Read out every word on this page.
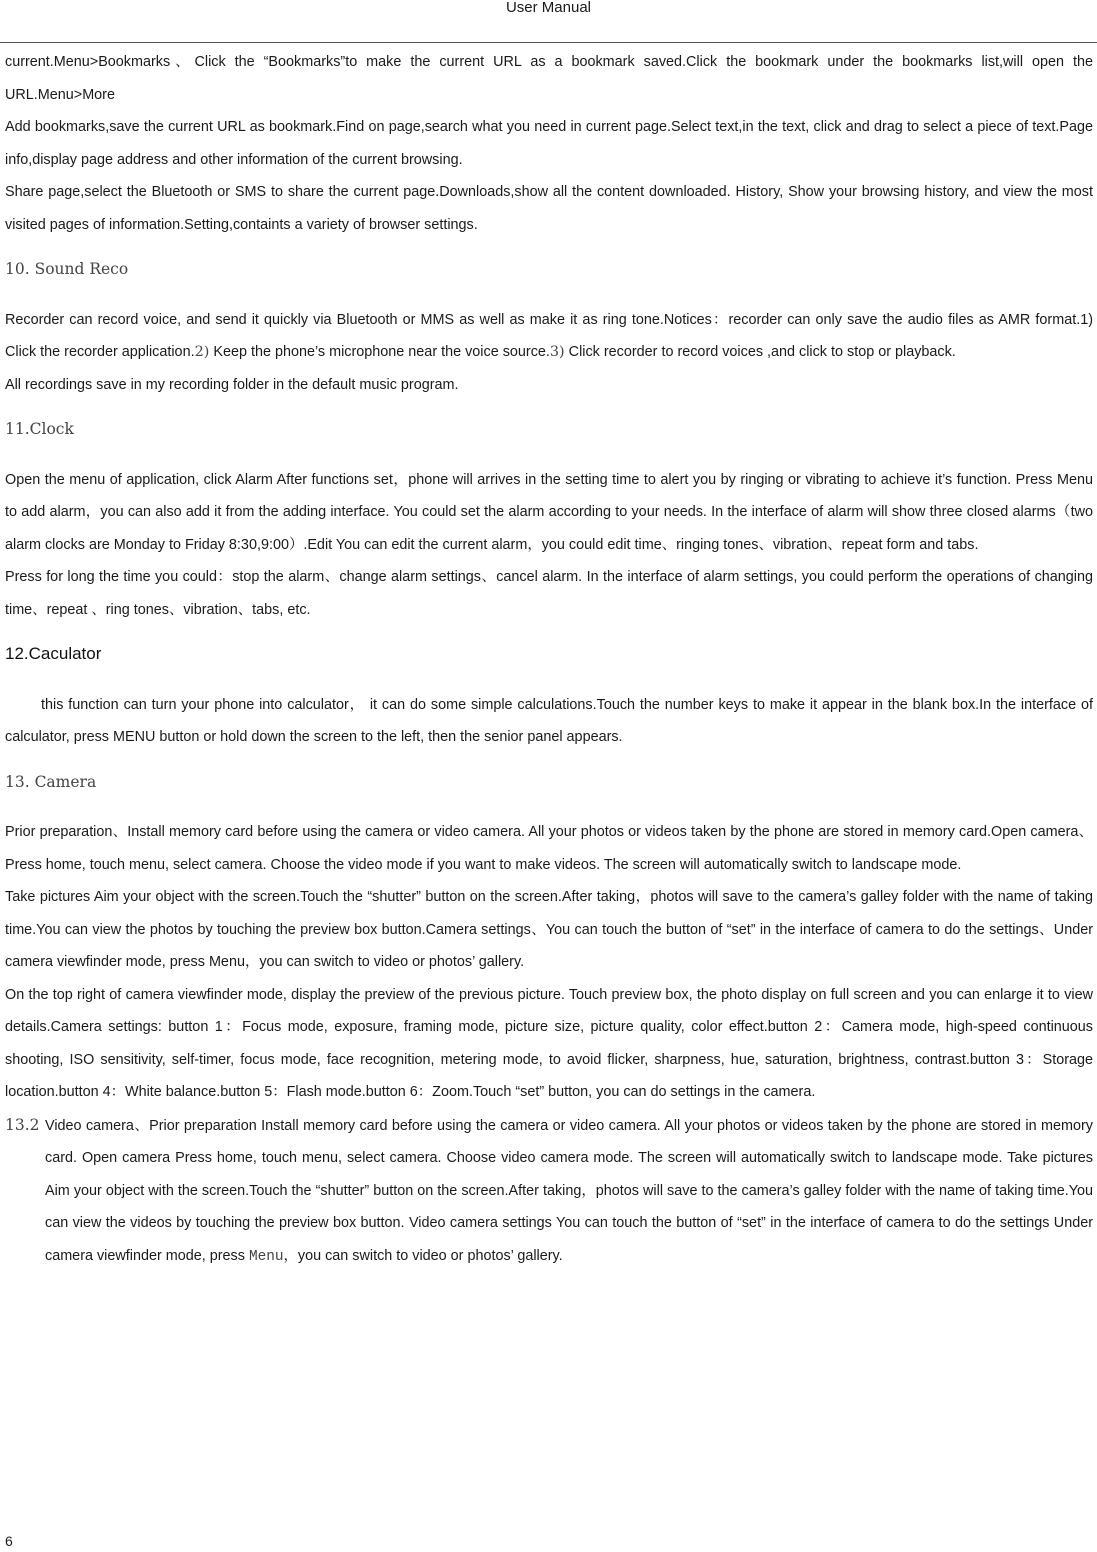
User Manual

current.Menu>Bookmarks、Click the “Bookmarks”to make the current URL as a bookmark saved.Click the bookmark under the bookmarks list,will open the URL.Menu>More

Add bookmarks,save the current URL as bookmark.Find on page,search what you need in current page.Select text,in the text, click and drag to select a piece of text.Page info,display page address and other information of the current browsing.

Share page,select the Bluetooth or SMS to share the current page.Downloads,show all the content downloaded. History, Show your browsing history, and view the most visited pages of information.Setting,containts a variety of browser settings.

10. Sound Reco

Recorder can record voice, and send it quickly via Bluetooth or MMS as well as make it as ring tone.Notices：recorder can only save the audio files as AMR format.1) Click the recorder application.2) Keep the phone’s microphone near the voice source.3) Click recorder to record voices ,and click to stop or playback.

All recordings save in my recording folder in the default music program.

11.Clock

Open the menu of application, click Alarm After functions set，phone will arrives in the setting time to alert you by ringing or vibrating to achieve it’s function. Press Menu to add alarm，you can also add it from the adding interface. You could set the alarm according to your needs. In the interface of alarm will show three closed alarms（two alarm clocks are Monday to Friday 8:30,9:00）.Edit You can edit the current alarm，you could edit time、ringing tones、vibration、repeat form and tabs.

Press for long the time you could：stop the alarm、change alarm settings、cancel alarm. In the interface of alarm settings, you could perform the operations of changing time、repeat 、ring tones、vibration、tabs, etc.

12.Caculator

this function can turn your phone into calculator， it can do some simple calculations.Touch the number keys to make it appear in the blank box.In the interface of calculator, press MENU button or hold down the screen to the left, then the senior panel appears.

13. Camera

Prior preparation、Install memory card before using the camera or video camera. All your photos or videos taken by the phone are stored in memory card.Open camera、Press home, touch menu, select camera. Choose the video mode if you want to make videos. The screen will automatically switch to landscape mode.

Take pictures Aim your object with the screen.Touch the “shutter” button on the screen.After taking，photos will save to the camera’s galley folder with the name of taking time.You can view the photos by touching the preview box button.Camera settings、You can touch the button of “set” in the interface of camera to do the settings、Under camera viewfinder mode, press Menu，you can switch to video or photos’ gallery.

On the top right of camera viewfinder mode, display the preview of the previous picture. Touch preview box, the photo display on full screen and you can enlarge it to view details.Camera settings: button 1：Focus mode, exposure, framing mode, picture size, picture quality, color effect.button 2：Camera mode, high-speed continuous shooting, ISO sensitivity, self-timer, focus mode, face recognition, metering mode, to avoid flicker, sharpness, hue, saturation, brightness, contrast.button 3：Storage location.button 4：White balance.button 5：Flash mode.button 6：Zoom.Touch “set” button, you can do settings in the camera.

13.2 Video camera、Prior preparation Install memory card before using the camera or video camera. All your photos or videos taken by the phone are stored in memory card. Open camera Press home, touch menu, select camera. Choose video camera mode. The screen will automatically switch to landscape mode. Take pictures Aim your object with the screen.Touch the “shutter” button on the screen.After taking，photos will save to the camera’s galley folder with the name of taking time.You can view the videos by touching the preview box button. Video camera settings You can touch the button of “set” in the interface of camera to do the settings Under camera viewfinder mode, press Menu，you can switch to video or photos’ gallery.

6
